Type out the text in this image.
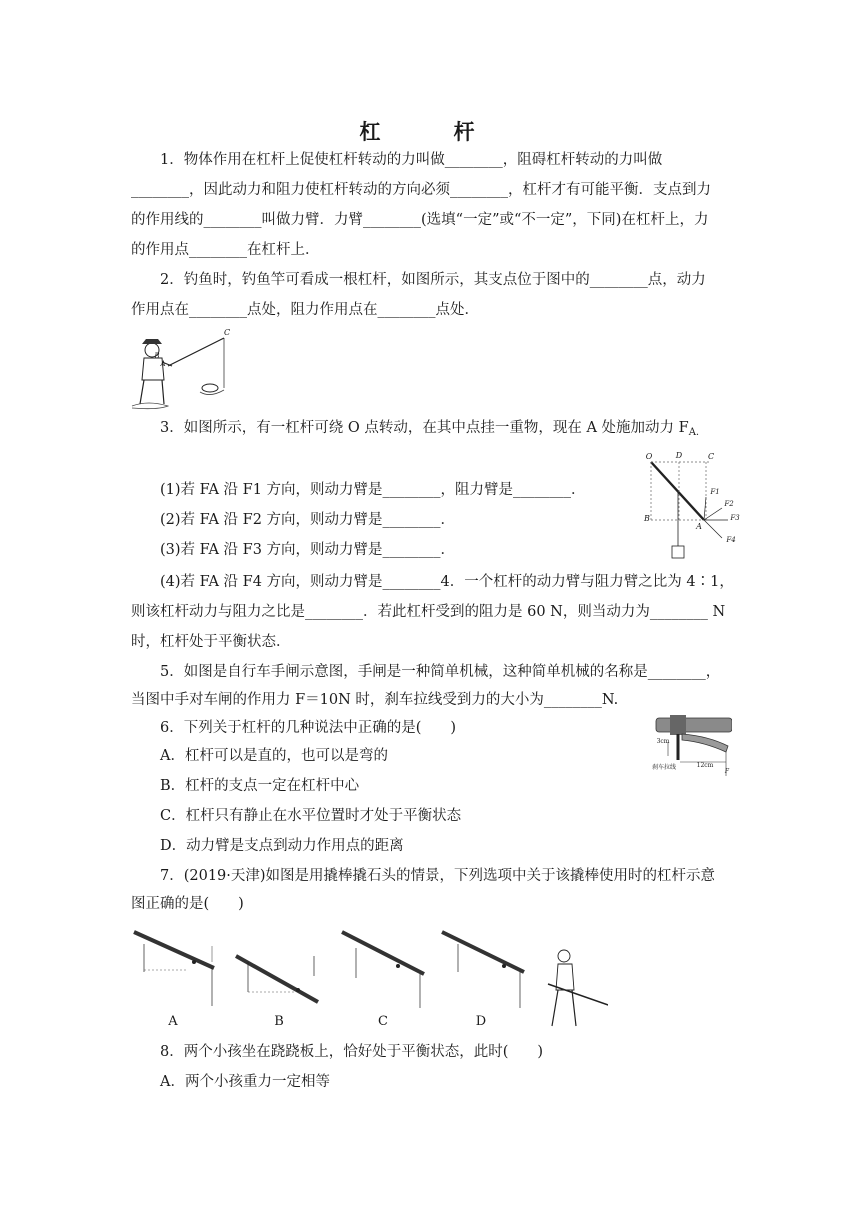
杠　杆
1．物体作用在杠杆上促使杠杆转动的力叫做________，阻碍杠杆转动的力叫做
________，因此动力和阻力使杠杆转动的方向必须________，杠杆才有可能平衡．支点到力
的作用线的________叫做力臂．力臂________(选填“一定”或“不一定”，下同)在杠杆上，力
的作用点________在杠杆上．
2．钓鱼时，钓鱼竿可看成一根杠杆，如图所示，其支点位于图中的________点，动力
作用点在________点处，阻力作用点在________点处．
C
B
A
3．如图所示，有一杠杆可绕 O 点转动，在其中点挂一重物，现在 A 处施加动力 $F_{A.}$
O	D	C
B
A
F1
F2
F3
F4
(1)若 FA 沿 F1 方向，则动力臂是________，阻力臂是________．
(2)若 FA 沿 F2 方向，则动力臂是________．
(3)若 FA 沿 F3 方向，则动力臂是________．
(4)若 FA 沿 F4 方向，则动力臂是________4．一个杠杆的动力臂与阻力臂之比为 4∶1，
则该杠杆动力与阻力之比是________．若此杠杆受到的阻力是 60 N，则当动力为________ N
时，杠杆处于平衡状态．
5．如图是自行车手闸示意图，手闸是一种简单机械，这种简单机械的名称是________，
当图中手对车闸的作用力 F＝10N 时，刹车拉线受到力的大小为________N.
3cm
刹车拉线	12cm
F
6．下列关于杠杆的几种说法中正确的是(　　)
A．杠杆可以是直的，也可以是弯的
B．杠杆的支点一定在杠杆中心
C．杠杆只有静止在水平位置时才处于平衡状态
D．动力臂是支点到动力作用点的距离
7．(2019·天津)如图是用撬棒撬石头的情景，下列选项中关于该撬棒使用时的杠杆示意
图正确的是(　　)
A	B	C	D
8．两个小孩坐在跷跷板上，恰好处于平衡状态，此时(　　)
A．两个小孩重力一定相等
